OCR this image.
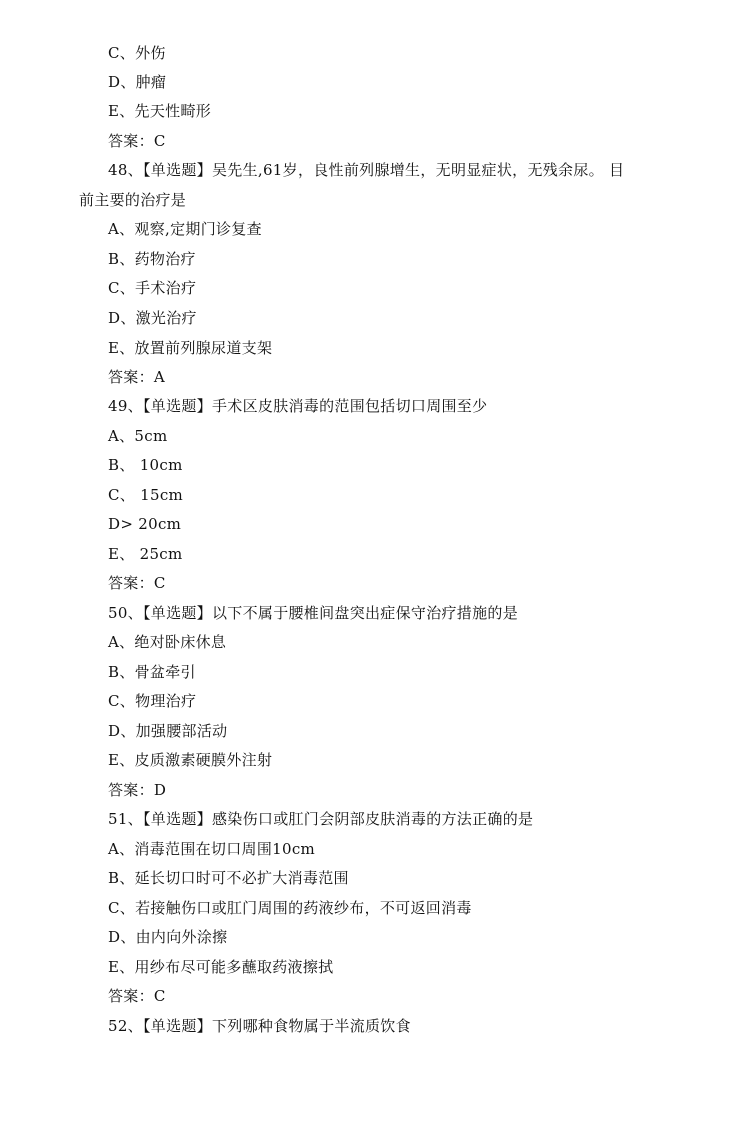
C、外伤
D、肿瘤
E、先天性畸形
答案：C
48、【单选题】吴先生,61岁，良性前列腺增生，无明显症状，无残余尿。 目
前主要的治疗是
A、观察,定期门诊复查
B、药物治疗
C、手术治疗
D、激光治疗
E、放置前列腺尿道支架
答案：A
49、【单选题】手术区皮肤消毒的范围包括切口周围至少
A、5cm
B、 10cm
C、 15cm
D> 20cm
E、 25cm
答案：C
50、【单选题】以下不属于腰椎间盘突出症保守治疗措施的是
A、绝对卧床休息
B、骨盆牵引
C、物理治疗
D、加强腰部活动
E、皮质激素硬膜外注射
答案：D
51、【单选题】感染伤口或肛门会阴部皮肤消毒的方法正确的是
A、消毒范围在切口周围10cm
B、延长切口时可不必扩大消毒范围
C、若接触伤口或肛门周围的药液纱布，不可返回消毒
D、由内向外涂擦
E、用纱布尽可能多蘸取药液擦拭
答案：C
52、【单选题】下列哪种食物属于半流质饮食
